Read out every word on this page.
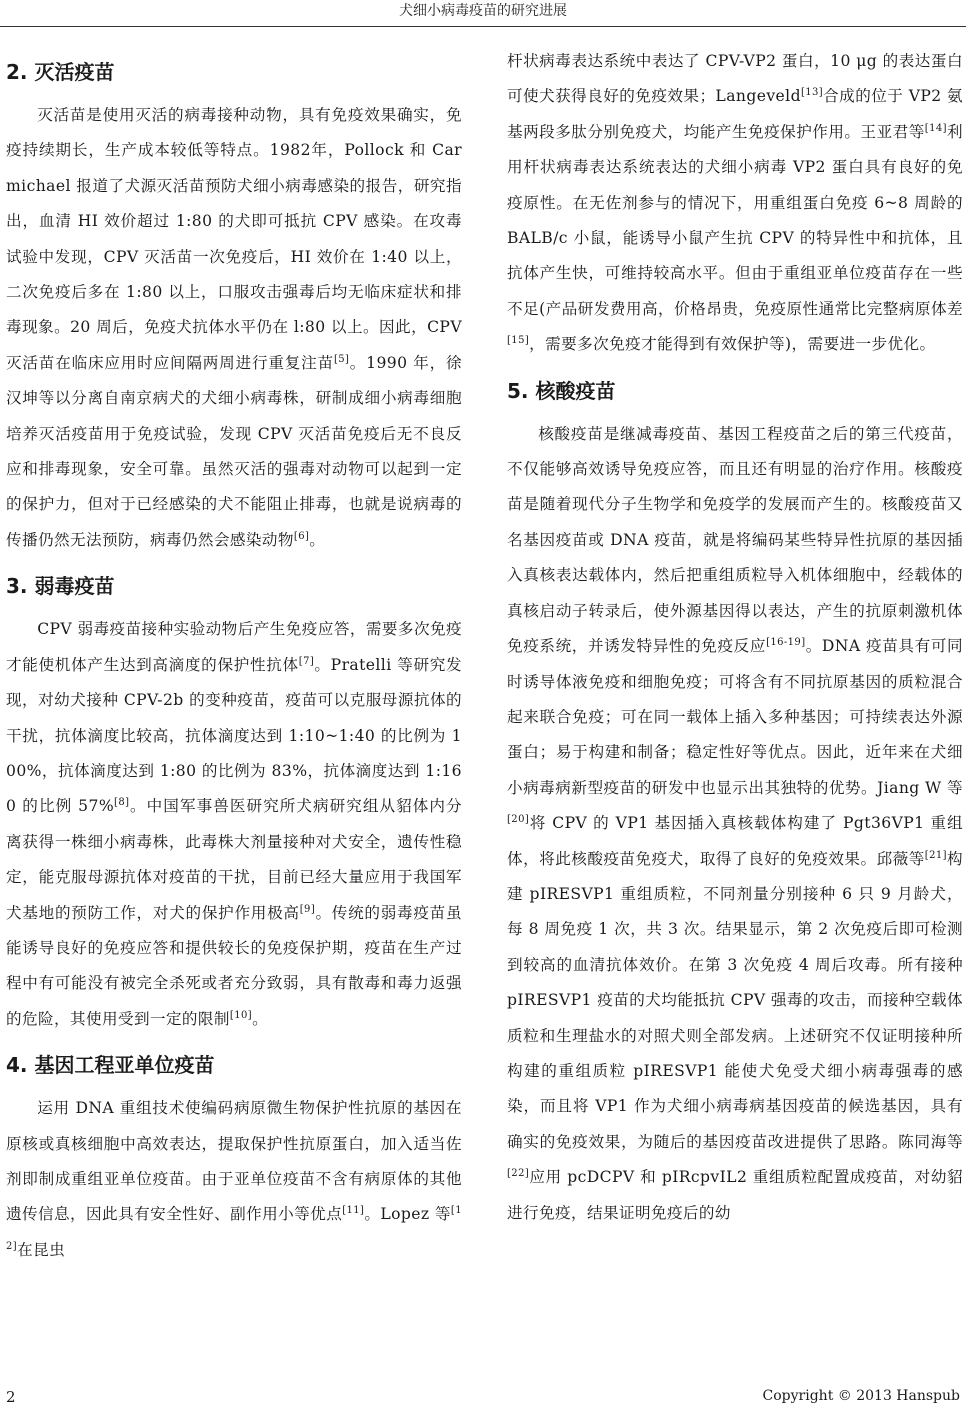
犬细小病毒疫苗的研究进展
2. 灭活疫苗

灭活苗是使用灭活的病毒接种动物，具有免疫效果确实，免疫持续期长，生产成本较低等特点。1982年，Pollock 和 Carmichael 报道了犬源灭活苗预防犬细小病毒感染的报告，研究指出，血清 HI 效价超过 1:80 的犬即可抵抗 CPV 感染。在攻毒试验中发现，CPV 灭活苗一次免疫后，HI 效价在 1:40 以上，二次免疫后多在 1:80 以上，口服攻击强毒后均无临床症状和排毒现象。20 周后，免疫犬抗体水平仍在 l:80 以上。因此，CPV 灭活苗在临床应用时应间隔两周进行重复注苗[5]。1990 年，徐汉坤等以分离自南京病犬的犬细小病毒株，研制成细小病毒细胞培养灭活疫苗用于免疫试验，发现 CPV 灭活苗免疫后无不良反应和排毒现象，安全可靠。虽然灭活的强毒对动物可以起到一定的保护力，但对于已经感染的犬不能阻止排毒，也就是说病毒的传播仍然无法预防，病毒仍然会感染动物[6]。

3. 弱毒疫苗

CPV 弱毒疫苗接种实验动物后产生免疫应答，需要多次免疫才能使机体产生达到高滴度的保护性抗体[7]。Pratelli 等研究发现，对幼犬接种 CPV-2b 的变种疫苗，疫苗可以克服母源抗体的干扰，抗体滴度比较高，抗体滴度达到 1:10~1:40 的比例为 100%，抗体滴度达到 1:80 的比例为 83%，抗体滴度达到 1:160 的比例 57%[8]。中国军事兽医研究所犬病研究组从貂体内分离获得一株细小病毒株，此毒株大剂量接种对犬安全，遗传性稳定，能克服母源抗体对疫苗的干扰，目前已经大量应用于我国军犬基地的预防工作，对犬的保护作用极高[9]。传统的弱毒疫苗虽能诱导良好的免疫应答和提供较长的免疫保护期，疫苗在生产过程中有可能没有被完全杀死或者充分致弱，具有散毒和毒力返强的危险，其使用受到一定的限制[10]。

4. 基因工程亚单位疫苗

运用 DNA 重组技术使编码病原微生物保护性抗原的基因在原核或真核细胞中高效表达，提取保护性抗原蛋白，加入适当佐剂即制成重组亚单位疫苗。由于亚单位疫苗不含有病原体的其他遗传信息，因此具有安全性好、副作用小等优点[11]。Lopez 等[12]在昆虫

杆状病毒表达系统中表达了 CPV-VP2 蛋白，10 μg 的表达蛋白可使犬获得良好的免疫效果；Langeveld[13]合成的位于 VP2 氨基两段多肽分别免疫犬，均能产生免疫保护作用。王亚君等[14]利用杆状病毒表达系统表达的犬细小病毒 VP2 蛋白具有良好的免疫原性。在无佐剂参与的情况下，用重组蛋白免疫 6~8 周龄的 BALB/c 小鼠，能诱导小鼠产生抗 CPV 的特异性中和抗体，且抗体产生快，可维持较高水平。但由于重组亚单位疫苗存在一些不足(产品研发费用高，价格昂贵，免疫原性通常比完整病原体差[15]，需要多次免疫才能得到有效保护等)，需要进一步优化。

5. 核酸疫苗

核酸疫苗是继减毒疫苗、基因工程疫苗之后的第三代疫苗，不仅能够高效诱导免疫应答，而且还有明显的治疗作用。核酸疫苗是随着现代分子生物学和免疫学的发展而产生的。核酸疫苗又名基因疫苗或 DNA 疫苗，就是将编码某些特异性抗原的基因插入真核表达载体内，然后把重组质粒导入机体细胞中，经载体的真核启动子转录后，使外源基因得以表达，产生的抗原刺激机体免疫系统，并诱发特异性的免疫反应[16-19]。DNA 疫苗具有可同时诱导体液免疫和细胞免疫；可将含有不同抗原基因的质粒混合起来联合免疫；可在同一载体上插入多种基因；可持续表达外源蛋白；易于构建和制备；稳定性好等优点。因此，近年来在犬细小病毒病新型疫苗的研发中也显示出其独特的优势。Jiang W 等[20]将 CPV 的 VP1 基因插入真核载体构建了 Pgt36VP1 重组体，将此核酸疫苗免疫犬，取得了良好的免疫效果。邱薇等[21]构建 pIRESVP1 重组质粒，不同剂量分别接种 6 只 9 月龄犬，每 8 周免疫 1 次，共 3 次。结果显示，第 2 次免疫后即可检测到较高的血清抗体效价。在第 3 次免疫 4 周后攻毒。所有接种 pIRESVP1 疫苗的犬均能抵抗 CPV 强毒的攻击，而接种空载体质粒和生理盐水的对照犬则全部发病。上述研究不仅证明接种所构建的重组质粒 pIRESVP1 能使犬免受犬细小病毒强毒的感染，而且将 VP1 作为犬细小病毒病基因疫苗的候选基因，具有确实的免疫效果，为随后的基因疫苗改进提供了思路。陈同海等[22]应用 pcDCPV 和 pIRcpvIL2 重组质粒配置成疫苗，对幼貂进行免疫，结果证明免疫后的幼

2	Copyright © 2013 Hanspub
